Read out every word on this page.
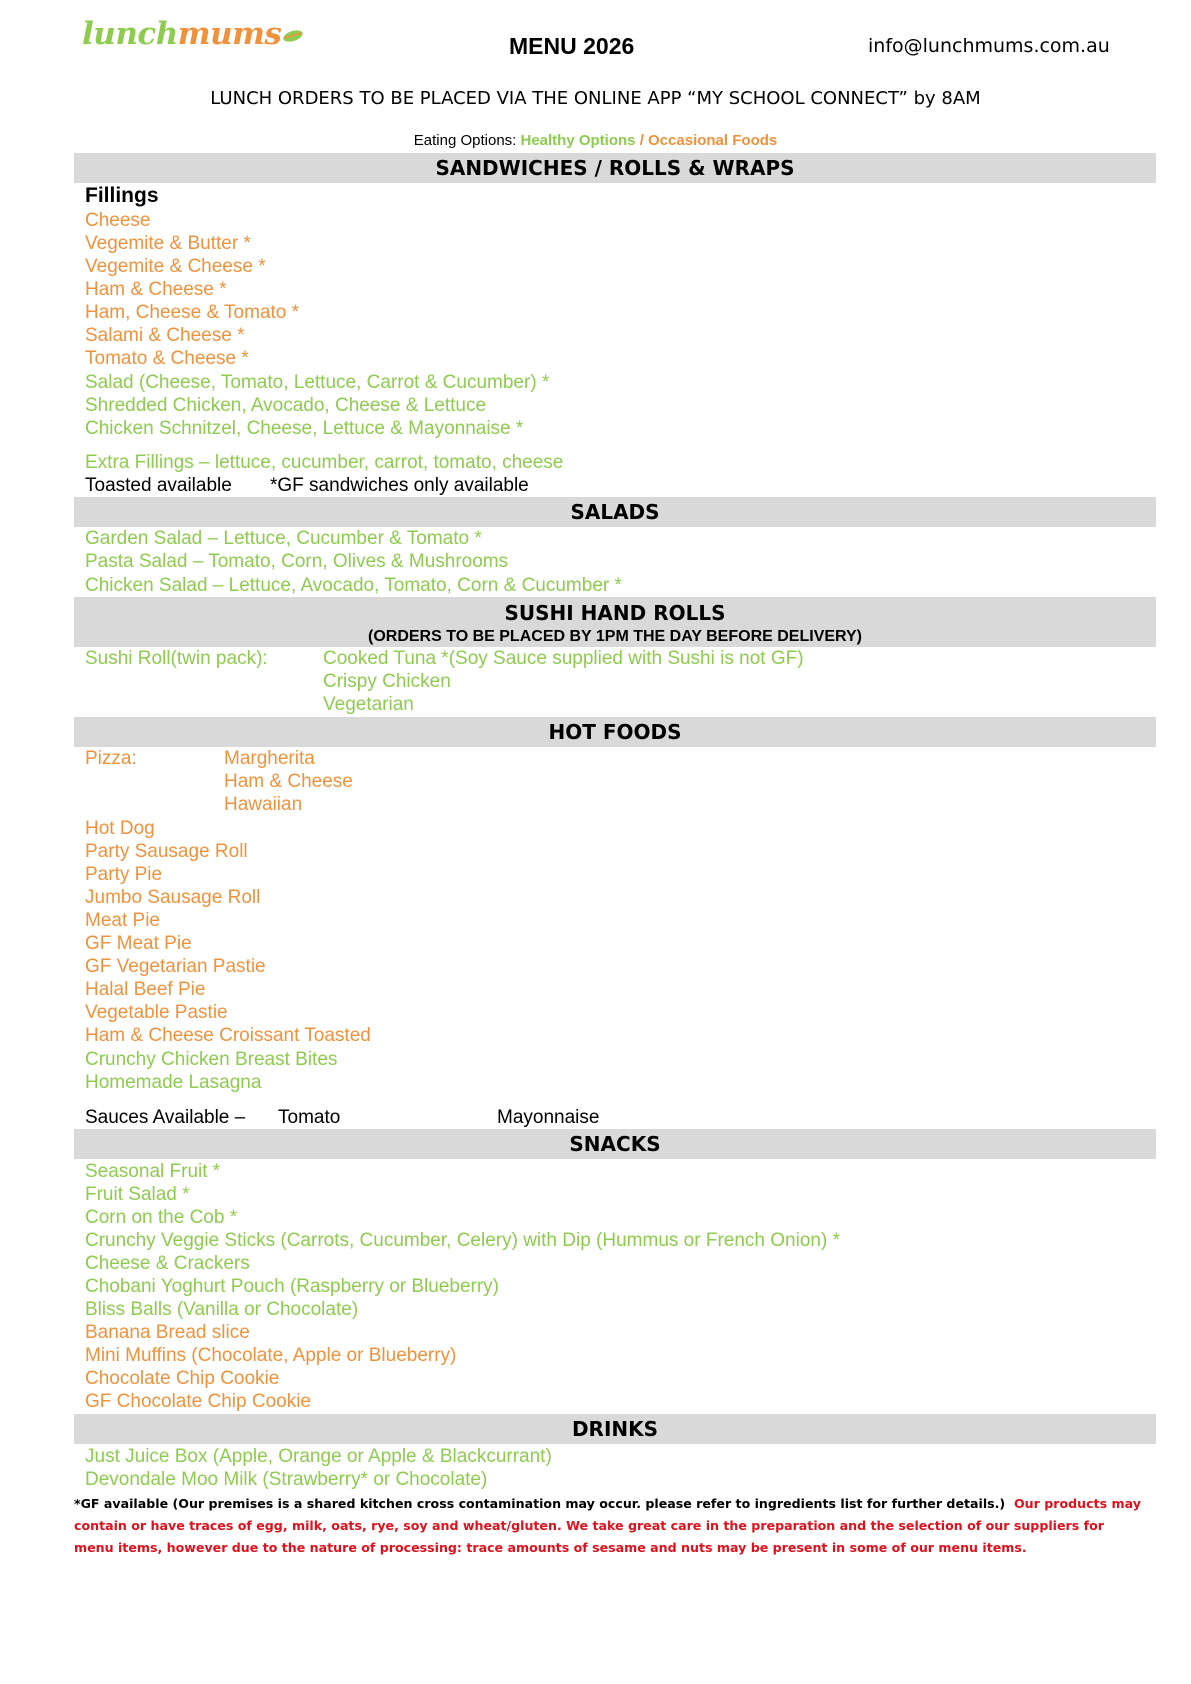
lunchmums	MENU 2026	info@lunchmums.com.au
LUNCH ORDERS TO BE PLACED VIA THE ONLINE APP “MY SCHOOL CONNECT” by 8AM
Eating Options: Healthy Options / Occasional Foods
SANDWICHES / ROLLS & WRAPS
Fillings
Cheese
Vegemite & Butter *
Vegemite & Cheese *
Ham & Cheese *
Ham, Cheese & Tomato *
Salami & Cheese *
Tomato & Cheese *
Salad (Cheese, Tomato, Lettuce, Carrot & Cucumber) *
Shredded Chicken, Avocado, Cheese & Lettuce
Chicken Schnitzel, Cheese, Lettuce & Mayonnaise *
Extra Fillings – lettuce, cucumber, carrot, tomato, cheese
Toasted available *GF sandwiches only available
SALADS
Garden Salad – Lettuce, Cucumber & Tomato *
Pasta Salad – Tomato, Corn, Olives & Mushrooms
Chicken Salad – Lettuce, Avocado, Tomato, Corn & Cucumber *
SUSHI HAND ROLLS
(ORDERS TO BE PLACED BY 1PM THE DAY BEFORE DELIVERY)
Sushi Roll(twin pack):	Cooked Tuna *(Soy Sauce supplied with Sushi is not GF)
Crispy Chicken
Vegetarian
HOT FOODS
Pizza:	Margherita
Ham & Cheese
Hawaiian
Hot Dog
Party Sausage Roll
Party Pie
Jumbo Sausage Roll
Meat Pie
GF Meat Pie
GF Vegetarian Pastie
Halal Beef Pie
Vegetable Pastie
Ham & Cheese Croissant Toasted
Crunchy Chicken Breast Bites
Homemade Lasagna
Sauces Available – Tomato	Mayonnaise
SNACKS
Seasonal Fruit *
Fruit Salad *
Corn on the Cob *
Crunchy Veggie Sticks (Carrots, Cucumber, Celery) with Dip (Hummus or French Onion) *
Cheese & Crackers
Chobani Yoghurt Pouch (Raspberry or Blueberry)
Bliss Balls (Vanilla or Chocolate)
Banana Bread slice
Mini Muffins (Chocolate, Apple or Blueberry)
Chocolate Chip Cookie
GF Chocolate Chip Cookie
DRINKS
Just Juice Box (Apple, Orange or Apple & Blackcurrant)
Devondale Moo Milk (Strawberry* or Chocolate)
*GF available (Our premises is a shared kitchen cross contamination may occur. please refer to ingredients list for further details.) Our products may
contain or have traces of egg, milk, oats, rye, soy and wheat/gluten. We take great care in the preparation and the selection of our suppliers for
menu items, however due to the nature of processing: trace amounts of sesame and nuts may be present in some of our menu items.
